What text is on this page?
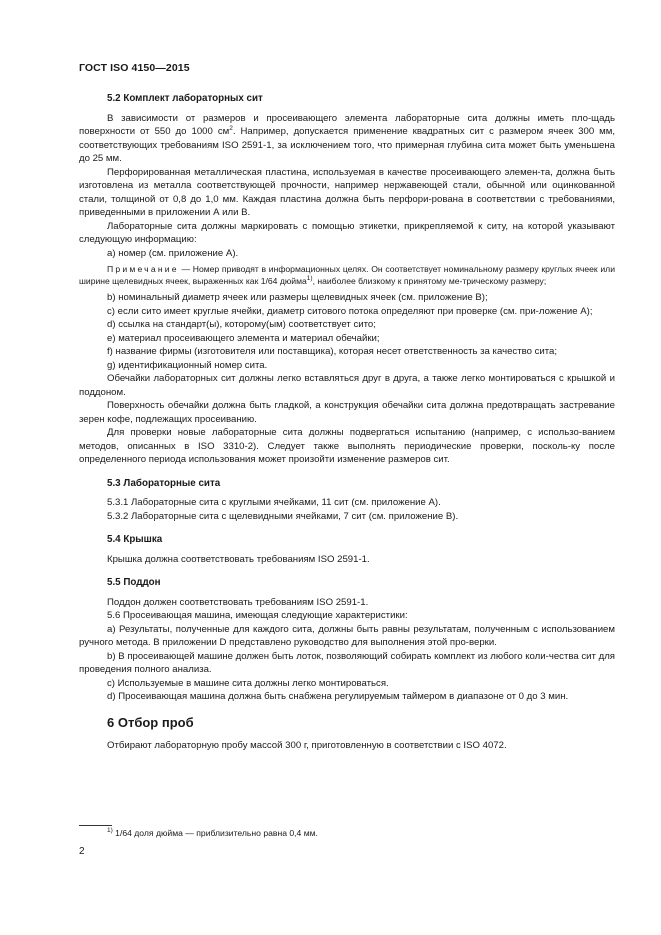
ГОСТ ISO 4150—2015
5.2 Комплект лабораторных сит

В зависимости от размеров и просеивающего элемента лабораторные сита должны иметь пло-щадь поверхности от 550 до 1000 $см^2$. Например, допускается применение квадратных сит с размером ячеек 300 мм, соответствующих требованиям ISO 2591-1, за исключением того, что примерная глубина сита может быть уменьшена до 25 мм.

Перфорированная металлическая пластина, используемая в качестве просеивающего элемен-та, должна быть изготовлена из металла соответствующей прочности, например нержавеющей стали, обычной или оцинкованной стали, толщиной от 0,8 до 1,0 мм. Каждая пластина должна быть перфори-рована в соответствии с требованиями, приведенными в приложении А или В.

Лабораторные сита должны маркировать с помощью этикетки, прикрепляемой к ситу, на которой указывают следующую информацию:

a) номер (см. приложение А).

Примечание — Номер приводят в информационных целях. Он соответствует номинальному размеру круглых ячеек или ширине щелевидных ячеек, выраженных как 1/64 дюйма$^{1)}$, наиболее близкому к принятому ме-трическому размеру;

b) номинальный диаметр ячеек или размеры щелевидных ячеек (см. приложение В);

c) если сито имеет круглые ячейки, диаметр ситового потока определяют при проверке (см. при-ложение А);

d) ссылка на стандарт(ы), которому(ым) соответствует сито;

e) материал просеивающего элемента и материал обечайки;

f) название фирмы (изготовителя или поставщика), которая несет ответственность за качество сита;

g) идентификационный номер сита.

Обечайки лабораторных сит должны легко вставляться друг в друга, а также легко монтироваться с крышкой и поддоном.

Поверхность обечайки должна быть гладкой, а конструкция обечайки сита должна предотвращать застревание зерен кофе, подлежащих просеиванию.

Для проверки новые лабораторные сита должны подвергаться испытанию (например, с использо-ванием методов, описанных в ISO 3310-2). Следует также выполнять периодические проверки, посколь-ку после определенного периода использования может произойти изменение размеров сит.

5.3 Лабораторные сита

5.3.1 Лабораторные сита с круглыми ячейками, 11 сит (см. приложение А).

5.3.2 Лабораторные сита с щелевидными ячейками, 7 сит (см. приложение В).

5.4 Крышка

Крышка должна соответствовать требованиям ISO 2591-1.

5.5 Поддон

Поддон должен соответствовать требованиям ISO 2591-1.

5.6 Просеивающая машина, имеющая следующие характеристики:

a) Результаты, полученные для каждого сита, должны быть равны результатам, полученным с использованием ручного метода. В приложении D представлено руководство для выполнения этой про-верки.

b) В просеивающей машине должен быть лоток, позволяющий собирать комплект из любого коли-чества сит для проведения полного анализа.

c) Используемые в машине сита должны легко монтироваться.

d) Просеивающая машина должна быть снабжена регулируемым таймером в диапазоне от 0 до 3 мин.

6 Отбор проб

Отбирают лабораторную пробу массой 300 г, приготовленную в соответствии с ISO 4072.

$^{1)}$ 1/64 доля дюйма — приблизительно равна 0,4 мм.
2
